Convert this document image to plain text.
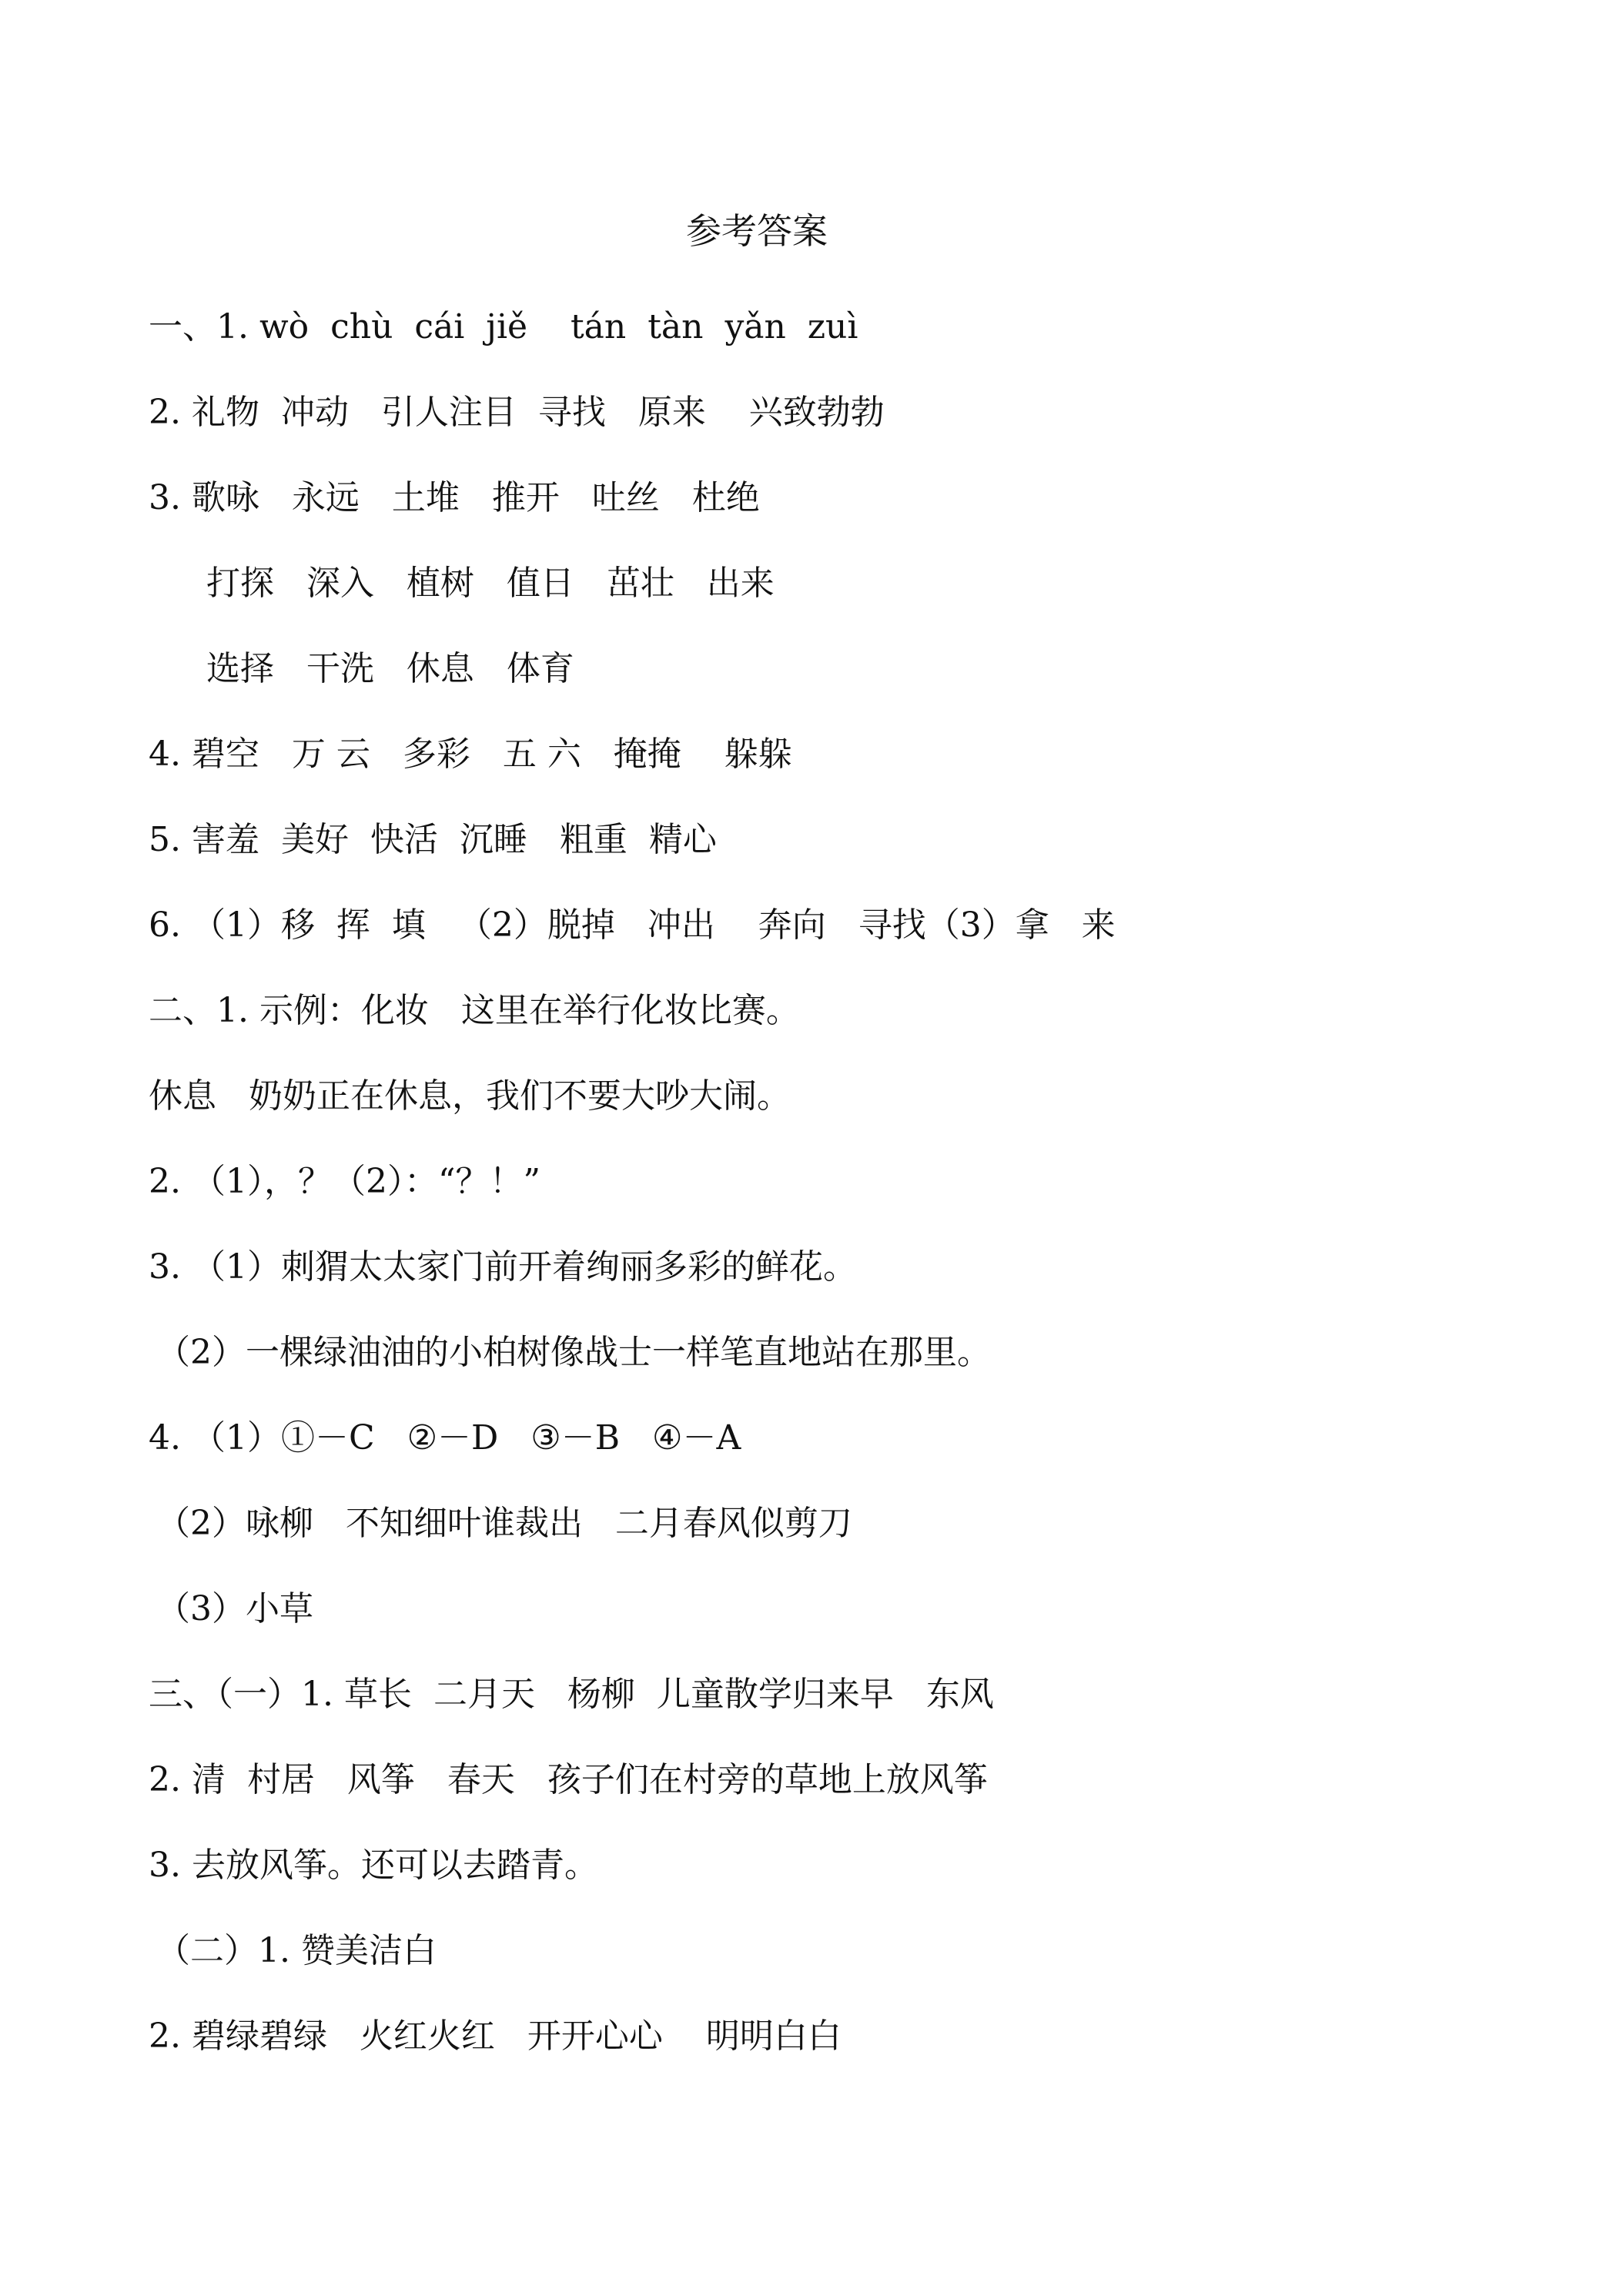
参考答案
一、1. wò  chù  cái  jiě    tán  tàn  yǎn  zuì
2. 礼物  冲动   引人注目  寻找   原来    兴致勃勃
3. 歌咏   永远   土堆   推开   吐丝   杜绝
打探   深入   植树   值日   茁壮   出来
选择   干洗   休息   体育
4. 碧空   万 云   多彩   五 六   掩掩    躲躲
5. 害羞  美好  快活  沉睡   粗重  精心
6. （1）移  挥  填   （2）脱掉   冲出    奔向   寻找（3）拿   来
二、1. 示例：化妆   这里在举行化妆比赛。
休息   奶奶正在休息，我们不要大吵大闹。
2. （1），？（2）：“？！”
3. （1）刺猬太太家门前开着绚丽多彩的鲜花。
（2）一棵绿油油的小柏树像战士一样笔直地站在那里。
4. （1）①－C   ②－D   ③－B   ④－A
（2）咏柳   不知细叶谁裁出   二月春风似剪刀
（3）小草
三、（一）1. 草长  二月天   杨柳  儿童散学归来早   东风
2. 清  村居   风筝   春天   孩子们在村旁的草地上放风筝
3. 去放风筝。还可以去踏青。
（二）1. 赞美洁白
2. 碧绿碧绿   火红火红   开开心心    明明白白
